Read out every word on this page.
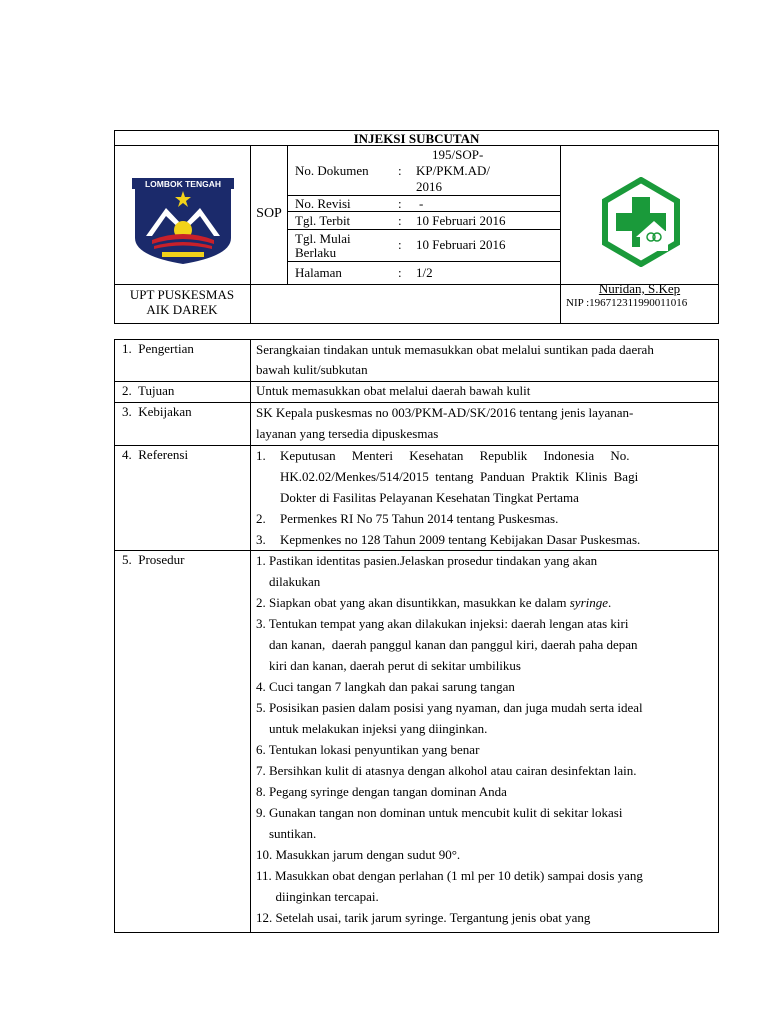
INJEKSI SUBCUTAN
LOMBOK TENGAH
SOP
No. Dokumen :
195/SOP-
KP/PKM.AD/
2016
No. Revisi	: -
Tgl. Terbit	: 10 Februari 2016
Tgl. Mulai
Berlaku
: 10 Februari 2016
Halaman	: 1/2
UPT PUSKESMAS
AIK DAREK
Nuridan, S.Kep
NIP :196712311990011016
1.  Pengertian	Serangkaian tindakan untuk memasukkan obat melalui suntikan pada daerah
bawah kulit/subkutan
2.  Tujuan	Untuk memasukkan obat melalui daerah bawah kulit
3.  Kebijakan	SK Kepala puskesmas no 003/PKM-AD/SK/2016 tentang jenis layanan-
layanan yang tersedia dipuskesmas
4.  Referensi	1. Keputusan     Menteri     Kesehatan     Republik     Indonesia     No.
HK.02.02/Menkes/514/2015  tentang  Panduan  Praktik  Klinis  Bagi
Dokter di Fasilitas Pelayanan Kesehatan Tingkat Pertama
2. Permenkes RI No 75 Tahun 2014 tentang Puskesmas.
3. Kepmenkes no 128 Tahun 2009 tentang Kebijakan Dasar Puskesmas.
5.  Prosedur	1. Pastikan identitas pasien.Jelaskan prosedur tindakan yang akan
dilakukan
2. Siapkan obat yang akan disuntikkan, masukkan ke dalam syringe.
3. Tentukan tempat yang akan dilakukan injeksi: daerah lengan atas kiri
dan kanan,  daerah panggul kanan dan panggul kiri, daerah paha depan
kiri dan kanan, daerah perut di sekitar umbilikus
4. Cuci tangan 7 langkah dan pakai sarung tangan
5. Posisikan pasien dalam posisi yang nyaman, dan juga mudah serta ideal
untuk melakukan injeksi yang diinginkan.
6. Tentukan lokasi penyuntikan yang benar
7. Bersihkan kulit di atasnya dengan alkohol atau cairan desinfektan lain.
8. Pegang syringe dengan tangan dominan Anda
9. Gunakan tangan non dominan untuk mencubit kulit di sekitar lokasi
suntikan.
10. Masukkan jarum dengan sudut 90°.
11. Masukkan obat dengan perlahan (1 ml per 10 detik) sampai dosis yang
diinginkan tercapai.
12. Setelah usai, tarik jarum syringe. Tergantung jenis obat yang
